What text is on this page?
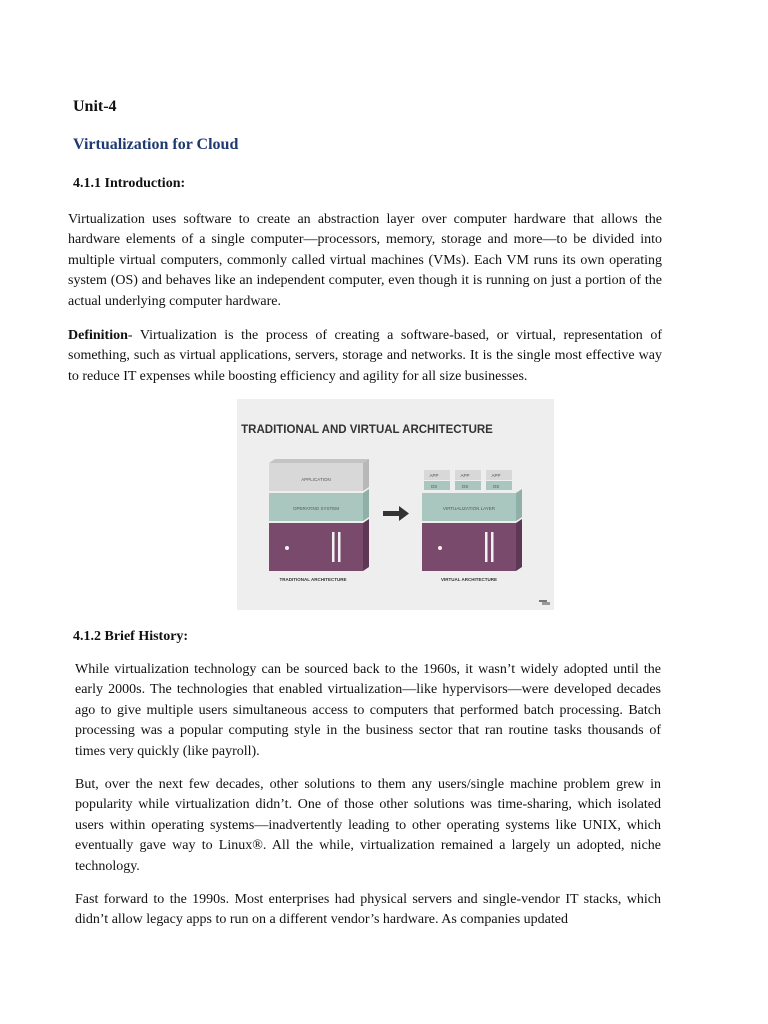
Unit-4
Virtualization for Cloud
4.1.1 Introduction:
Virtualization uses software to create an abstraction layer over computer hardware that allows the hardware elements of a single computer—processors, memory, storage and more—to be divided into multiple virtual computers, commonly called virtual machines (VMs). Each VM runs its own operating system (OS) and behaves like an independent computer, even though it is running on just a portion of the actual underlying computer hardware.
Definition- Virtualization is the process of creating a software-based, or virtual, representation of something, such as virtual applications, servers, storage and networks. It is the single most effective way to reduce IT expenses while boosting efficiency and agility for all size businesses.
TRADITIONAL AND VIRTUAL ARCHITECTURE
APPLICATION
OPERATING SYSTEM
TRADITIONAL ARCHITECTURE
APP
OS
APP
OS
APP
OS
VIRTUALIZATION LAYER
VIRTUAL ARCHITECTURE
4.1.2 Brief History:
While virtualization technology can be sourced back to the 1960s, it wasn’t widely adopted until the early 2000s. The technologies that enabled virtualization—like hypervisors—were developed decades ago to give multiple users simultaneous access to computers that performed batch processing. Batch processing was a popular computing style in the business sector that ran routine tasks thousands of times very quickly (like payroll).
But, over the next few decades, other solutions to them any users/single machine problem grew in popularity while virtualization didn’t. One of those other solutions was time-sharing, which isolated users within operating systems—inadvertently leading to other operating systems like UNIX, which eventually gave way to Linux®. All the while, virtualization remained a largely un adopted, niche technology.
Fast forward to the 1990s. Most enterprises had physical servers and single-vendor IT stacks, which didn’t allow legacy apps to run on a different vendor’s hardware. As companies updated
